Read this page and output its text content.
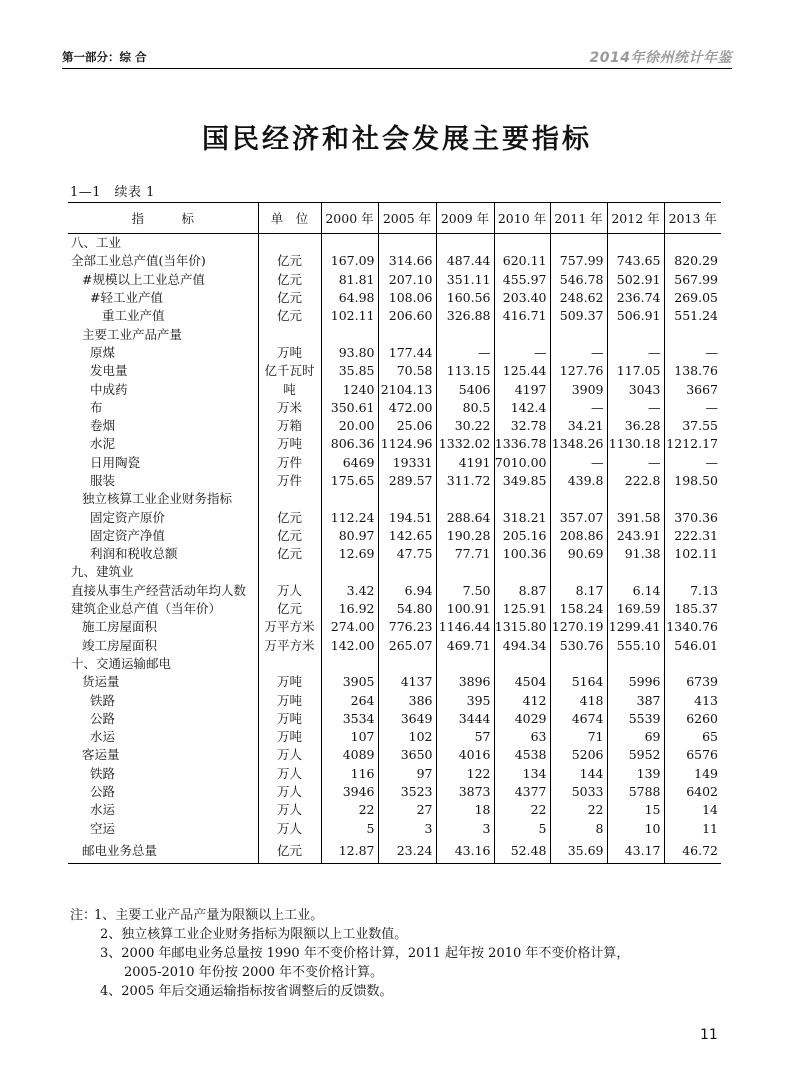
第一部分：综 合	2014年徐州统计年鉴
国民经济和社会发展主要指标
1—1　续表 1
指　　　标	单　位	2000 年	2005 年	2009 年	2010 年	2011 年	2012 年	2013 年
八、工业								
全部工业总产值(当年价)	亿元	167.09	314.66	487.44	620.11	757.99	743.65	820.29
#规模以上工业总产值	亿元	81.81	207.10	351.11	455.97	546.78	502.91	567.99
#轻工业产值	亿元	64.98	108.06	160.56	203.40	248.62	236.74	269.05
重工业产值	亿元	102.11	206.60	326.88	416.71	509.37	506.91	551.24
主要工业产品产量								
原煤	万吨	93.80	177.44	—	—	—	—	—
发电量	亿千瓦时	35.85	70.58	113.15	125.44	127.76	117.05	138.76
中成药	吨	1240	2104.13	5406	4197	3909	3043	3667
布	万米	350.61	472.00	80.5	142.4	—	—	—
卷烟	万箱	20.00	25.06	30.22	32.78	34.21	36.28	37.55
水泥	万吨	806.36	1124.96	1332.02	1336.78	1348.26	1130.18	1212.17
日用陶瓷	万件	6469	19331	4191	7010.00	—	—	—
服装	万件	175.65	289.57	311.72	349.85	439.8	222.8	198.50
独立核算工业企业财务指标								
固定资产原价	亿元	112.24	194.51	288.64	318.21	357.07	391.58	370.36
固定资产净值	亿元	80.97	142.65	190.28	205.16	208.86	243.91	222.31
利润和税收总额	亿元	12.69	47.75	77.71	100.36	90.69	91.38	102.11
九、建筑业								
直接从事生产经营活动年均人数	万人	3.42	6.94	7.50	8.87	8.17	6.14	7.13
建筑企业总产值（当年价）	亿元	16.92	54.80	100.91	125.91	158.24	169.59	185.37
施工房屋面积	万平方米	274.00	776.23	1146.44	1315.80	1270.19	1299.41	1340.76
竣工房屋面积	万平方米	142.00	265.07	469.71	494.34	530.76	555.10	546.01
十、交通运输邮电								
货运量	万吨	3905	4137	3896	4504	5164	5996	6739
铁路	万吨	264	386	395	412	418	387	413
公路	万吨	3534	3649	3444	4029	4674	5539	6260
水运	万吨	107	102	57	63	71	69	65
客运量	万人	4089	3650	4016	4538	5206	5952	6576
铁路	万人	116	97	122	134	144	139	149
公路	万人	3946	3523	3873	4377	5033	5788	6402
水运	万人	22	27	18	22	22	15	14
空运	万人	5	3	3	5	8	10	11
邮电业务总量	亿元	12.87	23.24	43.16	52.48	35.69	43.17	46.72
注：1、主要工业产品产量为限额以上工业。
2、独立核算工业企业财务指标为限额以上工业数值。
3、2000 年邮电业务总量按 1990 年不变价格计算，2011 起年按 2010 年不变价格计算，
2005-2010 年份按 2000 年不变价格计算。
4、2005 年后交通运输指标按省调整后的反馈数。
11
